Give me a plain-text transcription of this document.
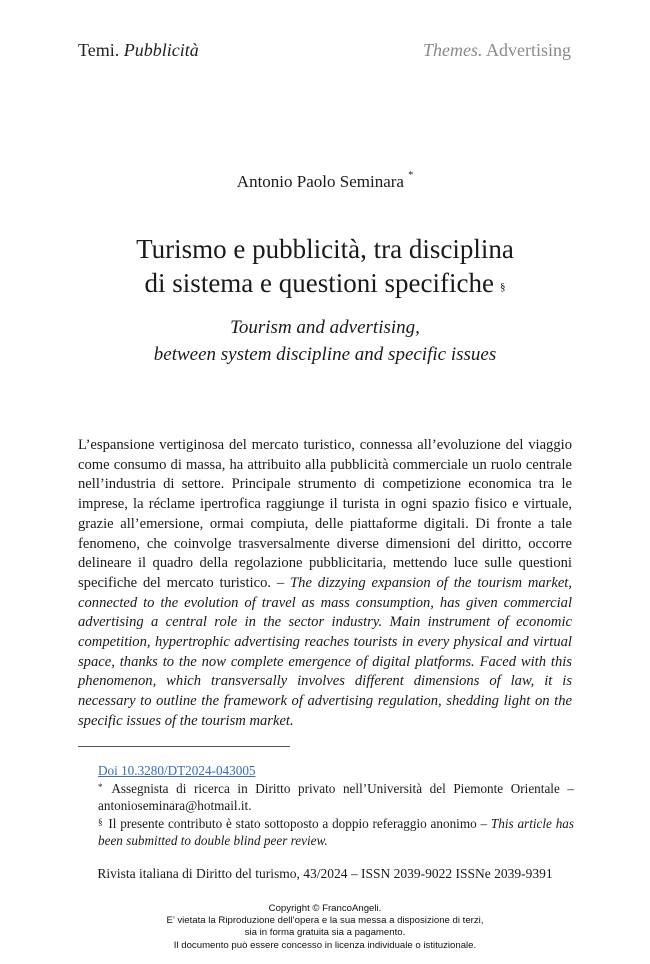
Temi. Pubblicità	Themes. Advertising
Antonio Paolo Seminara *
Turismo e pubblicità, tra disciplina
di sistema e questioni specifiche §
Tourism and advertising,
between system discipline and specific issues
L’espansione vertiginosa del mercato turistico, connessa all’evoluzione del viaggio come consumo di massa, ha attribuito alla pubblicità commerciale un ruolo centrale nell’industria di settore. Principale strumento di competizione economica tra le imprese, la réclame ipertrofica raggiunge il turista in ogni spazio fisico e virtuale, grazie all’emersione, ormai compiuta, delle piattaforme digitali. Di fronte a tale fenomeno, che coinvolge trasversalmente diverse dimensioni del diritto, occorre delineare il quadro della regolazione pubblicitaria, mettendo luce sulle questioni specifiche del mercato turistico. – The dizzying expansion of the tourism market, connected to the evolution of travel as mass consumption, has given commercial advertising a central role in the sector industry. Main instrument of economic competition, hypertrophic advertising reaches tourists in every physical and virtual space, thanks to the now complete emergence of digital platforms. Faced with this phenomenon, which transversally involves different dimensions of law, it is necessary to outline the framework of advertising regulation, shedding light on the specific issues of the tourism market.
Doi 10.3280/DT2024-043005
* Assegnista di ricerca in Diritto privato nell’Università del Piemonte Orientale – antonioseminara@hotmail.it.
§ Il presente contributo è stato sottoposto a doppio referaggio anonimo – This article has been submitted to double blind peer review.
Rivista italiana di Diritto del turismo, 43/2024 – ISSN 2039-9022 ISSNe 2039-9391
Copyright © FrancoAngeli.
E’ vietata la Riproduzione dell’opera e la sua messa a disposizione di terzi,
sia in forma gratuita sia a pagamento.
Il documento può essere concesso in licenza individuale o istituzionale.
